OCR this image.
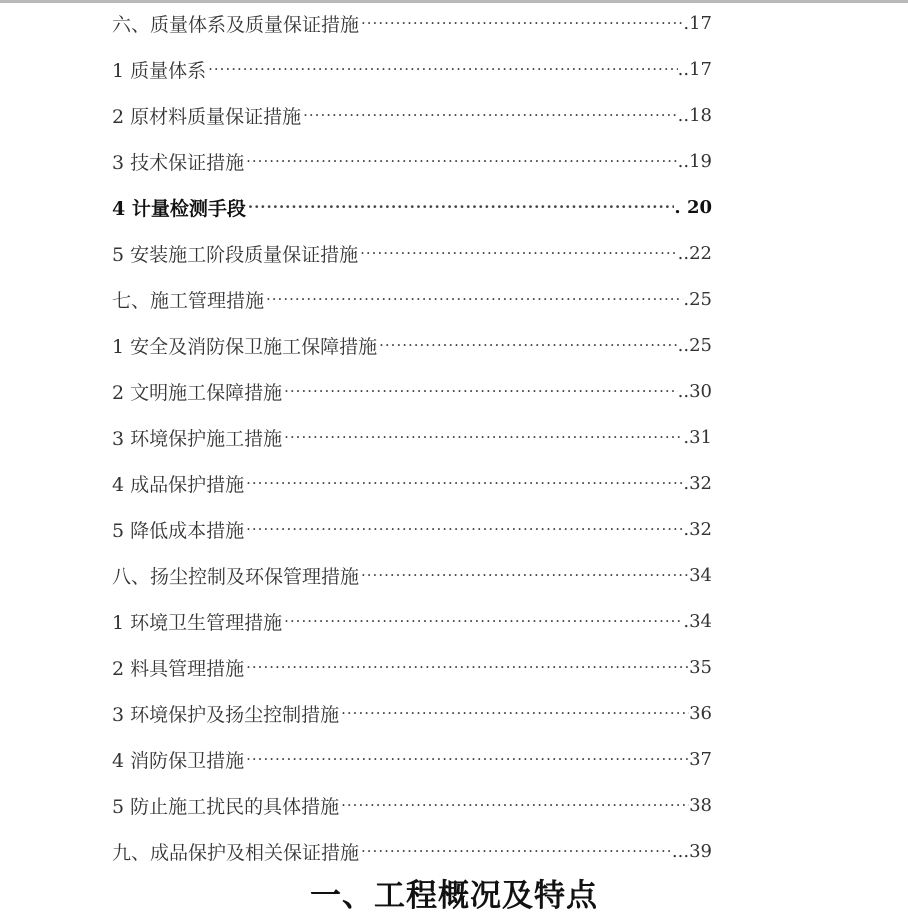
六、质量体系及质量保证措施 ·····	.17
1 质量体系 ·····	..17
2 原材料质量保证措施 ·····	..18
3 技术保证措施 ·····	..19
4 计量检测手段 ·····	. 20
5 安装施工阶段质量保证措施 ·····	..22
七、施工管理措施 ·····	.25
1 安全及消防保卫施工保障措施 ·····	..25
2 文明施工保障措施 ·····	..30
3 环境保护施工措施 ·····	.31
4 成品保护措施 ·····	.32
5 降低成本措施 ·····	.32
八、扬尘控制及环保管理措施 ·····	34
1 环境卫生管理措施 ·····	.34
2 料具管理措施 ·····	35
3 环境保护及扬尘控制措施 ·····	36
4 消防保卫措施 ·····	37
5 防止施工扰民的具体措施 ·····	38
九、成品保护及相关保证措施 ·····	...39
一、工程概况及特点
